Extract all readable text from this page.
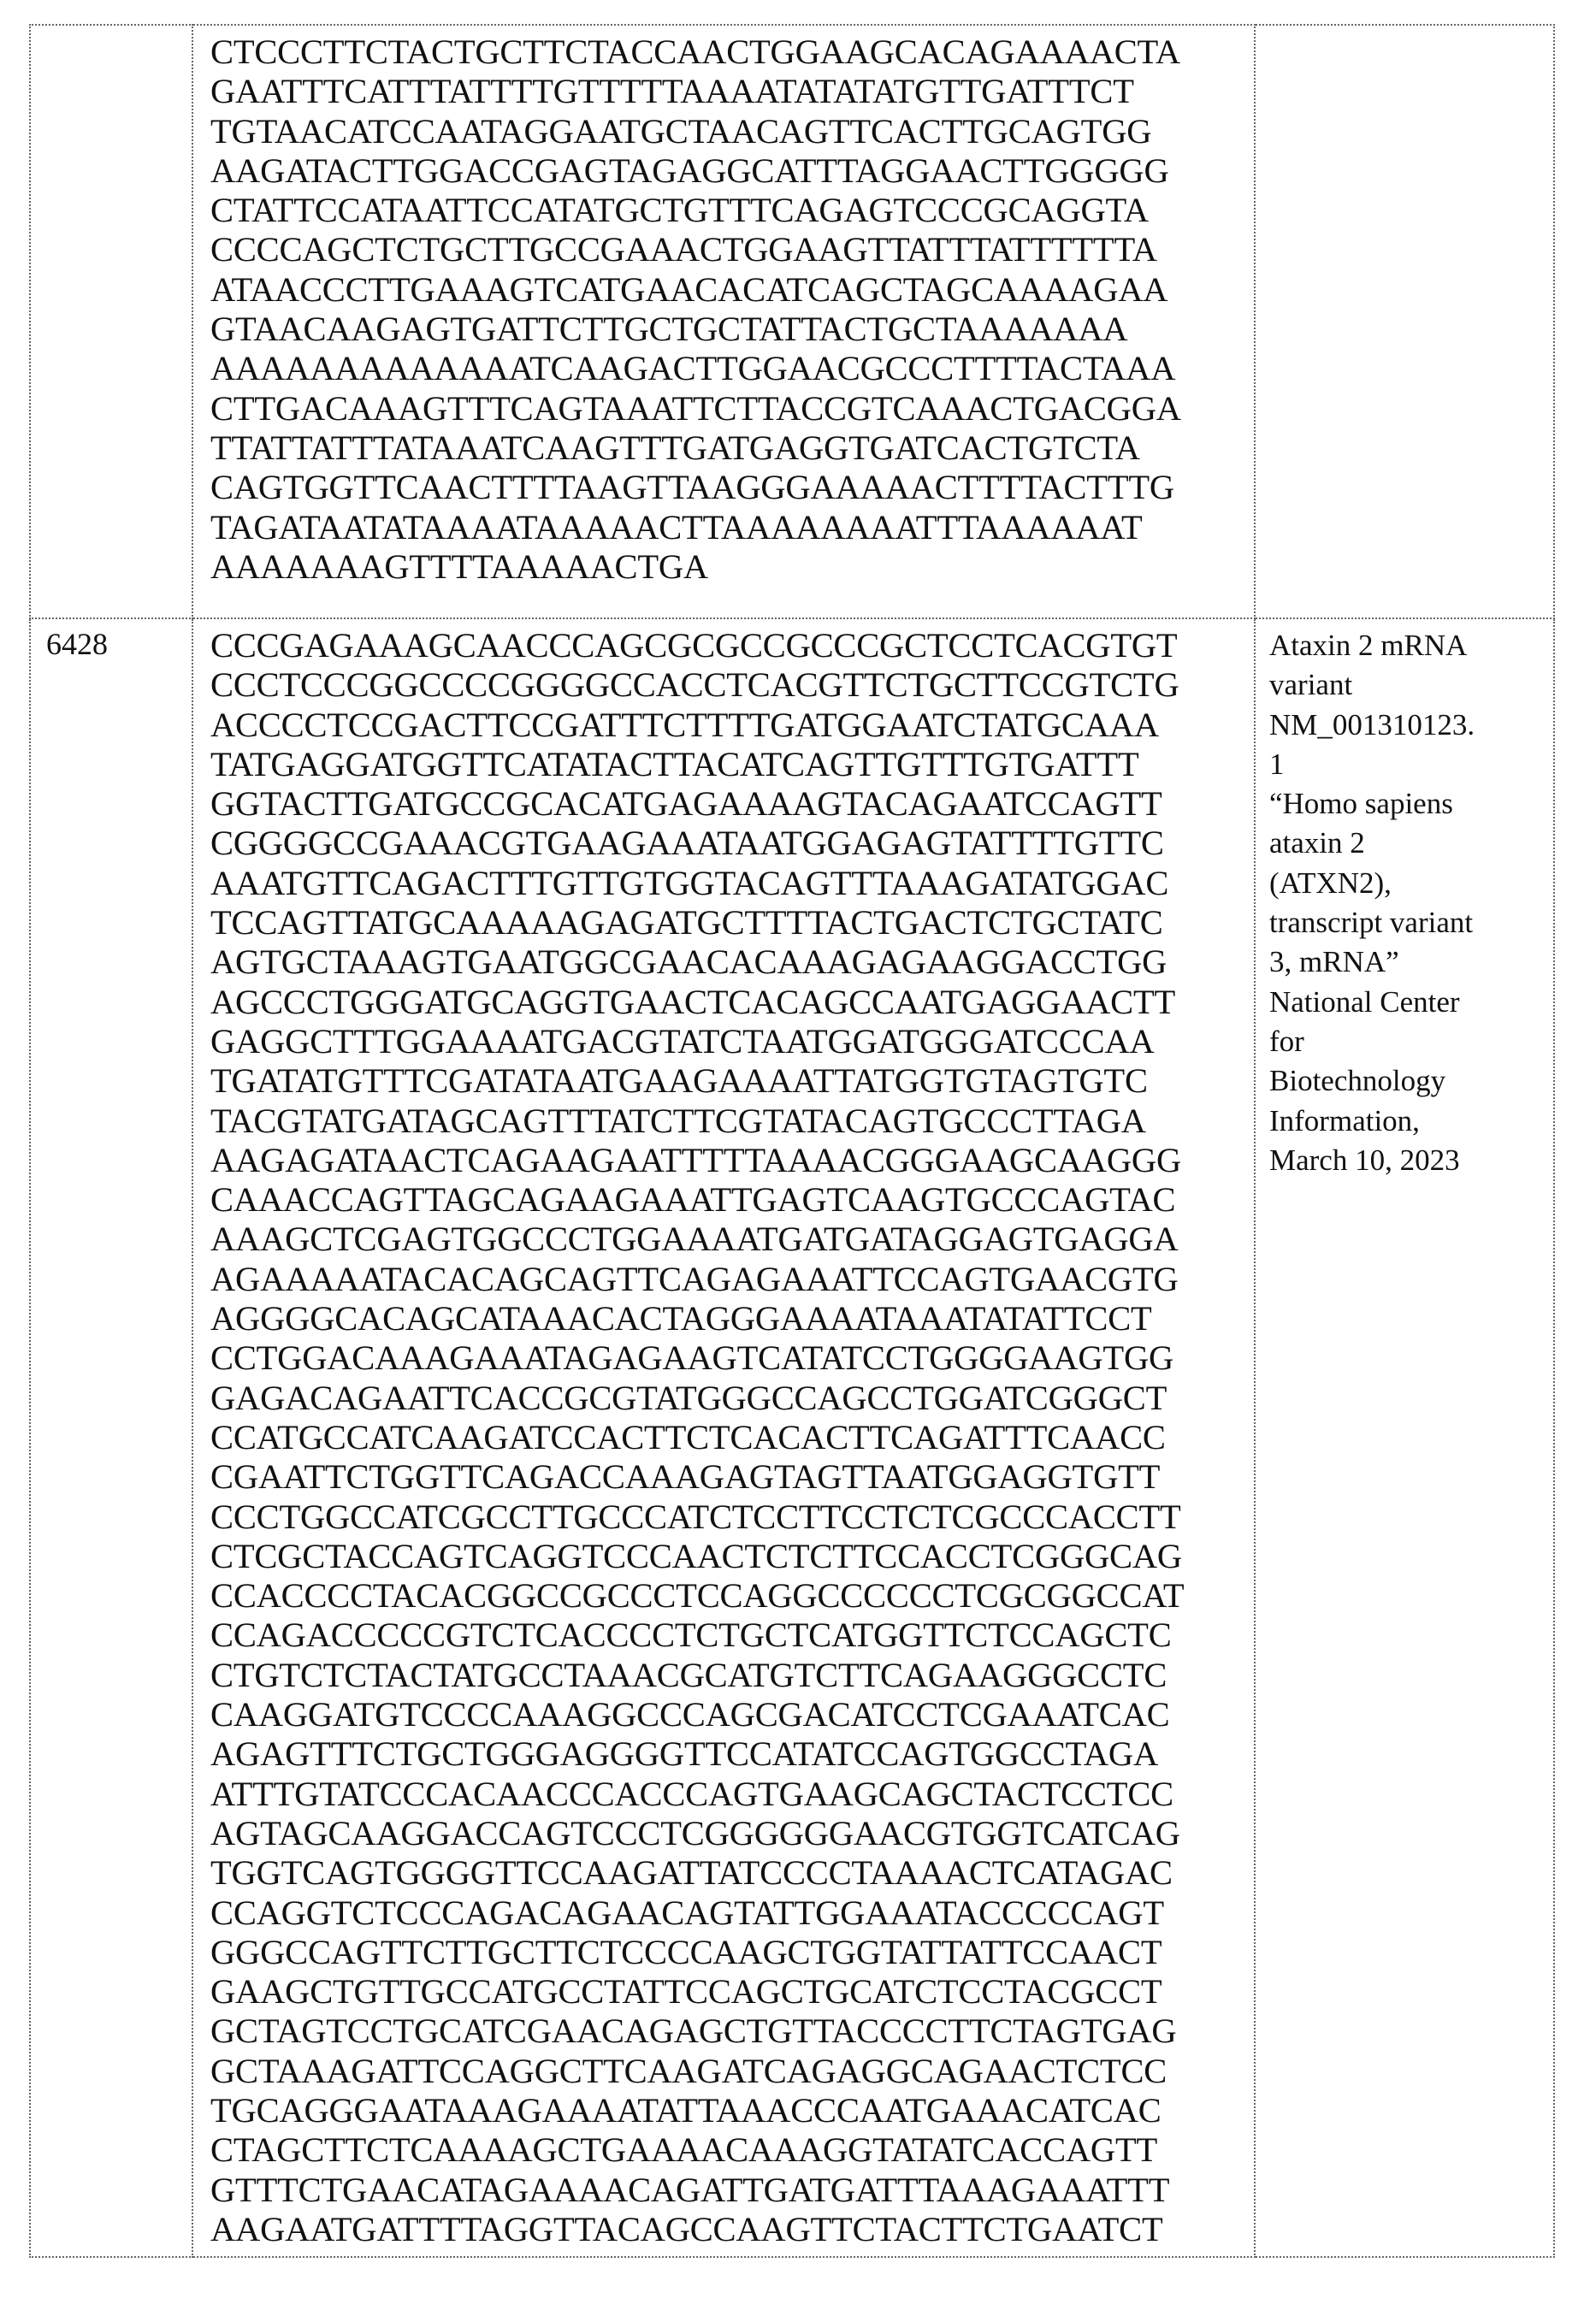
CTCCCTTCTACTGCTTCTACCAACTGGAAGCACAGAAAACTA
GAATTTCATTTATTTTGTTTTTAAAATATATATGTTGATTTCT
TGTAACATCCAATAGGAATGCTAACAGTTCACTTGCAGTGG
AAGATACTTGGACCGAGTAGAGGCATTTAGGAACTTGGGGG
CTATTCCATAATTCCATATGCTGTTTCAGAGTCCCGCAGGTA
CCCCAGCTCTGCTTGCCGAAACTGGAAGTTATTTATTTTTTA
ATAACCCTTGAAAGTCATGAACACATCAGCTAGCAAAAGAA
GTAACAAGAGTGATTCTTGCTGCTATTACTGCTAAAAAAA
AAAAAAAAAAAAATCAAGACTTGGAACGCCCTTTTACTAAA
CTTGACAAAGTTTCAGTAAATTCTTACCGTCAAACTGACGGA
TTATTATTTATAAATCAAGTTTGATGAGGTGATCACTGTCTA
CAGTGGTTCAACTTTTAAGTTAAGGGAAAAACTTTTACTTTG
TAGATAATATAAAATAAAAACTTAAAAAAAATTTAAAAAAT
AAAAAAAGTTTTAAAAACTGA

6428	CCCGAGAAAGCAACCCAGCGCGCCGCCCGCTCCTCACGTGT
CCCTCCCGGCCCCGGGGCCACCTCACGTTCTGCTTCCGTCTG
ACCCCTCCGACTTCCGATTTCTTTTGATGGAATCTATGCAAA
TATGAGGATGGTTCATATACTTACATCAGTTGTTTGTGATTT
GGTACTTGATGCCGCACATGAGAAAAGTACAGAATCCAGTT
CGGGGCCGAAACGTGAAGAAATAATGGAGAGTATTTTGTTC
AAATGTTCAGACTTTGTTGTGGTACAGTTTAAAGATATGGAC
TCCAGTTATGCAAAAAGAGATGCTTTTACTGACTCTGCTATC
AGTGCTAAAGTGAATGGCGAACACAAAGAGAAGGACCTGG
AGCCCTGGGATGCAGGTGAACTCACAGCCAATGAGGAACTT
GAGGCTTTGGAAAATGACGTATCTAATGGATGGGATCCCAA
TGATATGTTTCGATATAATGAAGAAAATTATGGTGTAGTGTC
TACGTATGATAGCAGTTTATCTTCGTATACAGTGCCCTTAGA
AAGAGATAACTCAGAAGAATTTTTAAAACGGGAAGCAAGGG
CAAACCAGTTAGCAGAAGAAATTGAGTCAAGTGCCCAGTAC
AAAGCTCGAGTGGCCCTGGAAAATGATGATAGGAGTGAGGA
AGAAAAATACACAGCAGTTCAGAGAAATTCCAGTGAACGTG
AGGGGCACAGCATAAACACTAGGGAAAATAAATATATTCCT
CCTGGACAAAGAAATAGAGAAGTCATATCCTGGGGAAGTGG
GAGACAGAATTCACCGCGTATGGGCCAGCCTGGATCGGGCT
CCATGCCATCAAGATCCACTTCTCACACTTCAGATTTCAACC
CGAATTCTGGTTCAGACCAAAGAGTAGTTAATGGAGGTGTT
CCCTGGCCATCGCCTTGCCCATCTCCTTCCTCTCGCCCACCTT
CTCGCTACCAGTCAGGTCCCAACTCTCTTCCACCTCGGGCAG
CCACCCCTACACGGCCGCCCTCCAGGCCCCCCTCGCGGCCAT
CCAGACCCCCGTCTCACCCCTCTGCTCATGGTTCTCCAGCTC
CTGTCTCTACTATGCCTAAACGCATGTCTTCAGAAGGGCCTC
CAAGGATGTCCCCAAAGGCCCAGCGACATCCTCGAAATCAC
AGAGTTTCTGCTGGGAGGGGTTCCATATCCAGTGGCCTAGA
ATTTGTATCCCACAACCCACCCAGTGAAGCAGCTACTCCTCC
AGTAGCAAGGACCAGTCCCTCGGGGGGAACGTGGTCATCAG
TGGTCAGTGGGGTTCCAAGATTATCCCCTAAAACTCATAGAC
CCAGGTCTCCCAGACAGAACAGTATTGGAAATACCCCCAGT
GGGCCAGTTCTTGCTTCTCCCCAAGCTGGTATTATTCCAACT
GAAGCTGTTGCCATGCCTATTCCAGCTGCATCTCCTACGCCT
GCTAGTCCTGCATCGAACAGAGCTGTTACCCCTTCTAGTGAG
GCTAAAGATTCCAGGCTTCAAGATCAGAGGCAGAACTCTCC
TGCAGGGAATAAAGAAAATATTAAACCCAATGAAACATCAC
CTAGCTTCTCAAAAGCTGAAAACAAAGGTATATCACCAGTT
GTTTCTGAACATAGAAAACAGATTGATGATTTAAAGAAATTT
AAGAATGATTTTAGGTTACAGCCAAGTTCTACTTCTGAATCT

Ataxin 2 mRNA
variant
NM_001310123.
1
“Homo sapiens
ataxin 2
(ATXN2),
transcript variant
3, mRNA”
National Center
for
Biotechnology
Information,
March 10, 2023
